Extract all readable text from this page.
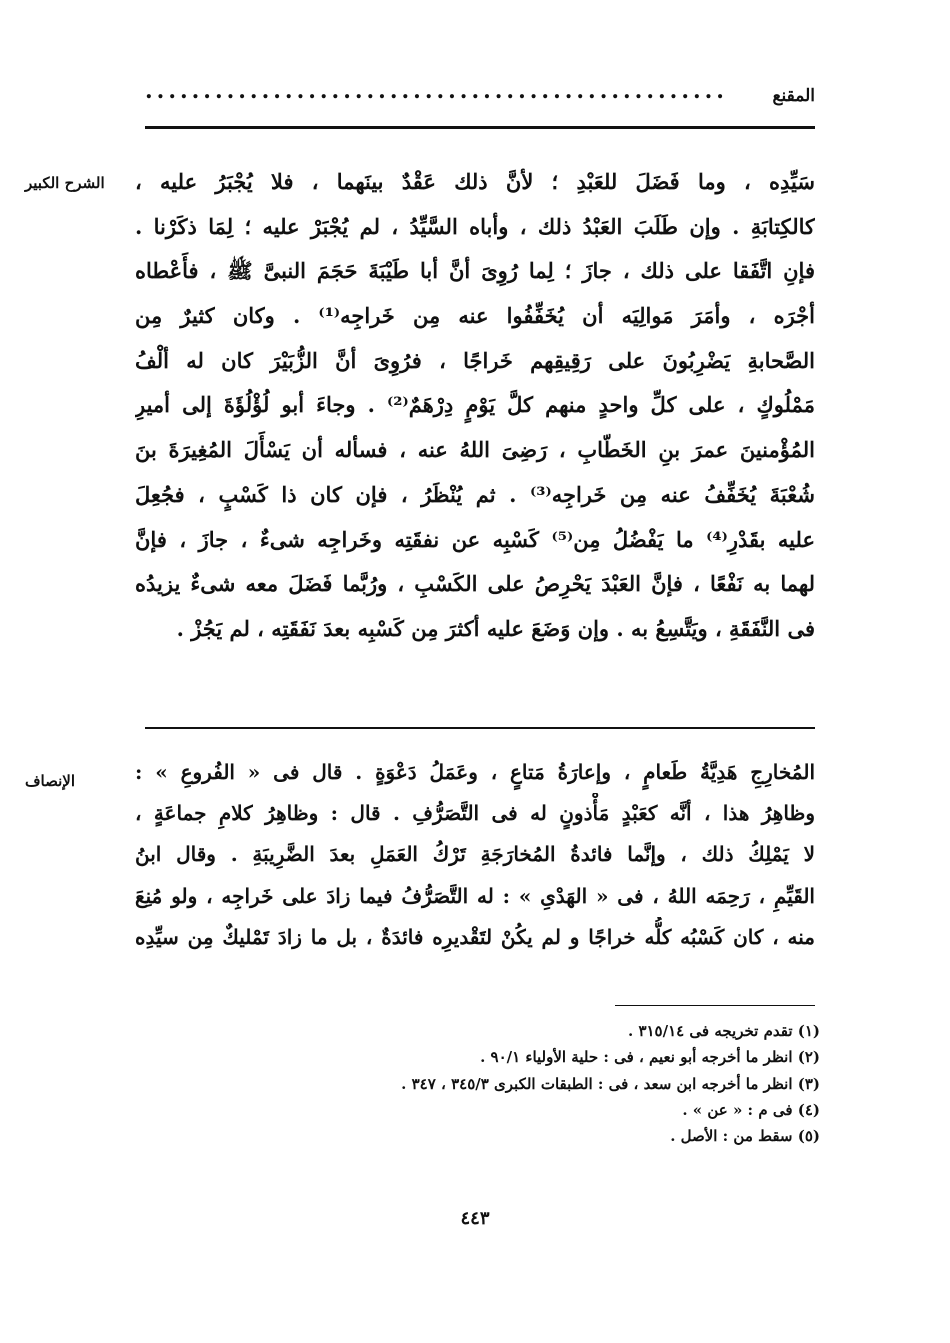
المقنع
..................................................
الشرح الكبير	سَيِّدِه ، وما فَضَلَ للعَبْدِ ؛ لأنَّ ذلك عَقْدٌ بينَهما ، فلا يُجْبَرُ عليه ،
كالكِتابَةِ . وإن طَلَبَ العَبْدُ ذلك ، وأباه السَّيِّدُ ، لم يُجْبَرْ عليه ؛ لِمَا ذكَرْنا .
فإنِ اتَّفَقا على ذلك ، جازَ ؛ لِما رُوِىَ أنَّ أبا طَيْبَةَ حَجَمَ النبىَّ ﷺ ، فأَعْطاه
أجْرَه ، وأمَرَ مَوالِيَه أن يُخَفِّفُوا عنه مِن خَراجِه⁽¹⁾ . وكان كثيرٌ مِن
الصَّحابةِ يَضْرِبُونَ على رَقِيقِهم خَراجًا ، فرُوِىَ أنَّ الزُّبَيْرَ كان له ألْفُ
مَمْلُوكٍ ، على كلِّ واحدٍ منهم كلَّ يَوْمٍ دِرْهَمٌ⁽²⁾ . وجاءَ أبو لُؤْلُؤَةَ إلى أميرِ
المُؤْمنينَ عمرَ بنِ الخَطّابِ ، رَضِىَ اللهُ عنه ، فسأله أن يَسْأَلَ المُغِيرَةَ بنَ
شُعْبَةَ يُخَفِّفُ عنه مِن خَراجِه⁽³⁾ . ثم يُنْظَرُ ، فإن كان ذا كَسْبٍ ، فجُعِلَ
عليه بقَدْرِ⁽⁴⁾ ما يَفْضُلُ مِن⁽⁵⁾ كَسْبِه عن نفقَتِه وخَراجِه شىءٌ ، جازَ ، فإنَّ
لهما به نَفْعًا ، فإنَّ العَبْدَ يَحْرِصُ على الكَسْبِ ، ورُبَّما فَضَلَ معه شىءٌ يزيدُه
فى النَّفَقَةِ ، ويَتَّسِعُ به . وإن وَضَعَ عليه أكثرَ مِن كَسْبِه بعدَ نَفَقَتِه ، لم يَجُزْ .
الإنصاف	المُخارِجِ هَدِيَّةُ طَعامٍ ، وإعارَةُ مَتاعٍ ، وعَمَلُ دَعْوَةٍ . قال فى « الفُروعِ » :
وظاهِرُ هذا ، أنَّه كعَبْدٍ مَأْذونٍ له فى التَّصَرُّفِ . قال : وظاهِرُ كلامِ جماعَةٍ ،
لا يَمْلِكُ ذلك ، وإنَّما فائدةُ المُخارَجَةِ تَرْكُ العَمَلِ بعدَ الضَّرِيبَةِ . وقال ابنُ
القَيِّمِ ، رَحِمَه اللهُ ، فى « الهَدْىِ » : له التَّصَرُّفُ فيما زادَ على خَراجِه ، ولو مُنِعَ
منه ، كان كَسْبُه كلُّه خراجًا و لم يكُنْ لتَقْديرِه فائدَةٌ ، بل ما زادَ تَمْليكٌ مِن سيِّدِه
(١) تقدم تخريجه فى ٣١٥/١٤ .
(٢) انظر ما أخرجه أبو نعيم ، فى : حلية الأولياء ٩٠/١ .
(٣) انظر ما أخرجه ابن سعد ، فى : الطبقات الكبرى ٣٤٥/٣ ، ٣٤٧ .
(٤) فى م : « عن » .
(٥) سقط من : الأصل .
٤٤٣
